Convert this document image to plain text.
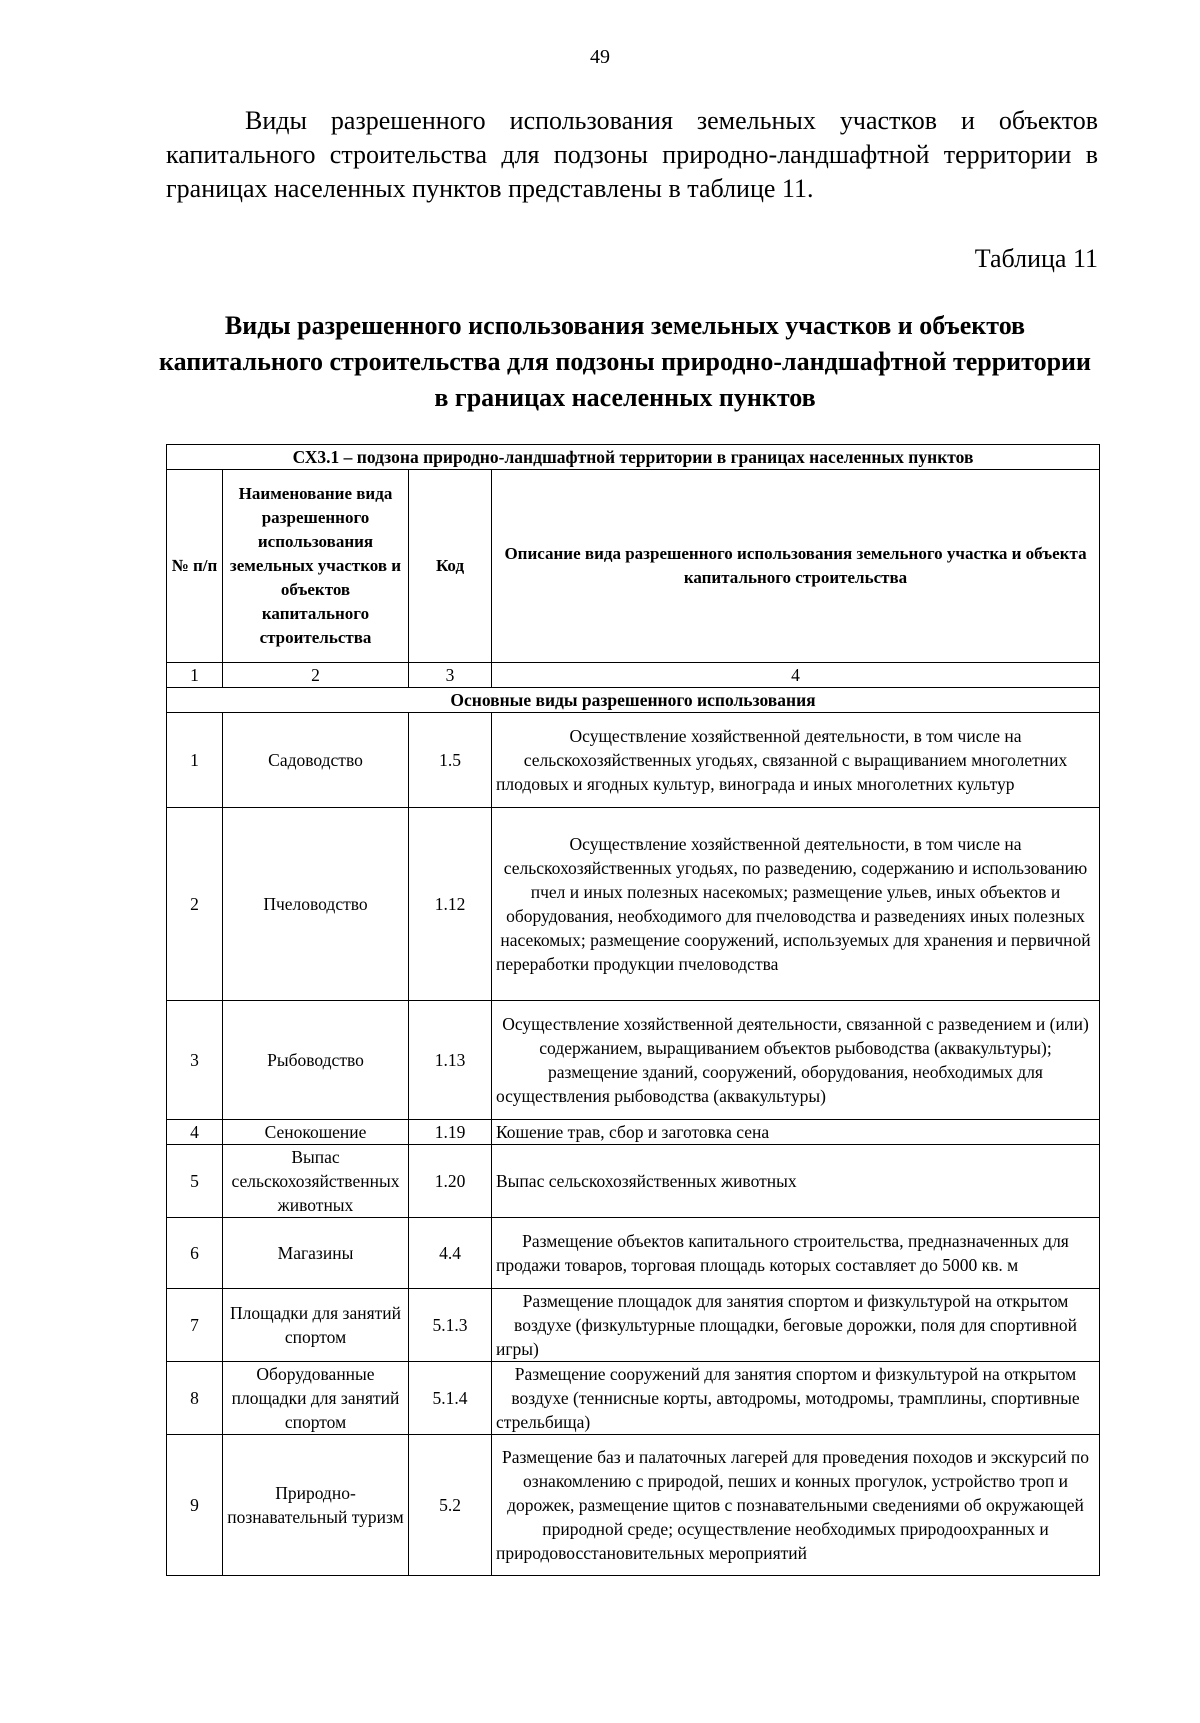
49

Виды разрешенного использования земельных участков и объектов капитального строительства для подзоны природно-ландшафтной территории в границах населенных пунктов представлены в таблице 11.

Таблица 11
Виды разрешенного использования земельных участков и объектов капитального строительства для подзоны природно-ландшафтной территории в границах населенных пунктов
СХ3.1 – подзона природно-ландшафтной территории в границах населенных пунктов			
№ п/п	Наименование вида разрешенного использования земельных участков и объектов капитального строительства	Код	Описание вида разрешенного использования земельного участка и объекта капитального строительства
1	2	3	4
Основные виды разрешенного использования			
1	Садоводство	1.5	Осуществление хозяйственной деятельности, в том числе на сельскохозяйственных угодьях, связанной с выращиванием многолетних плодовых и ягодных культур, винограда и иных многолетних культур
2	Пчеловодство	1.12	Осуществление хозяйственной деятельности, в том числе на сельскохозяйственных угодьях, по разведению, содержанию и использованию пчел и иных полезных насекомых; размещение ульев, иных объектов и оборудования, необходимого для пчеловодства и разведениях иных полезных насекомых; размещение сооружений, используемых для хранения и первичной переработки продукции пчеловодства
3	Рыбоводство	1.13	Осуществление хозяйственной деятельности, связанной с разведением и (или) содержанием, выращиванием объектов рыбоводства (аквакультуры); размещение зданий, сооружений, оборудования, необходимых для осуществления рыбоводства (аквакультуры)
4	Сенокошение	1.19	Кошение трав, сбор и заготовка сена
5	Выпас сельскохозяйственных животных	1.20	Выпас сельскохозяйственных животных
6	Магазины	4.4	Размещение объектов капитального строительства, предназначенных для продажи товаров, торговая площадь которых составляет до 5000 кв. м
7	Площадки для занятий спортом	5.1.3	Размещение площадок для занятия спортом и физкультурой на открытом воздухе (физкультурные площадки, беговые дорожки, поля для спортивной игры)
8	Оборудованные площадки для занятий спортом	5.1.4	Размещение сооружений для занятия спортом и физкультурой на открытом воздухе (теннисные корты, автодромы, мотодромы, трамплины, спортивные стрельбища)
9	Природно-познавательный туризм	5.2	Размещение баз и палаточных лагерей для проведения походов и экскурсий по ознакомлению с природой, пеших и конных прогулок, устройство троп и дорожек, размещение щитов с познавательными сведениями об окружающей природной среде; осуществление необходимых природоохранных и природовосстановительных мероприятий
